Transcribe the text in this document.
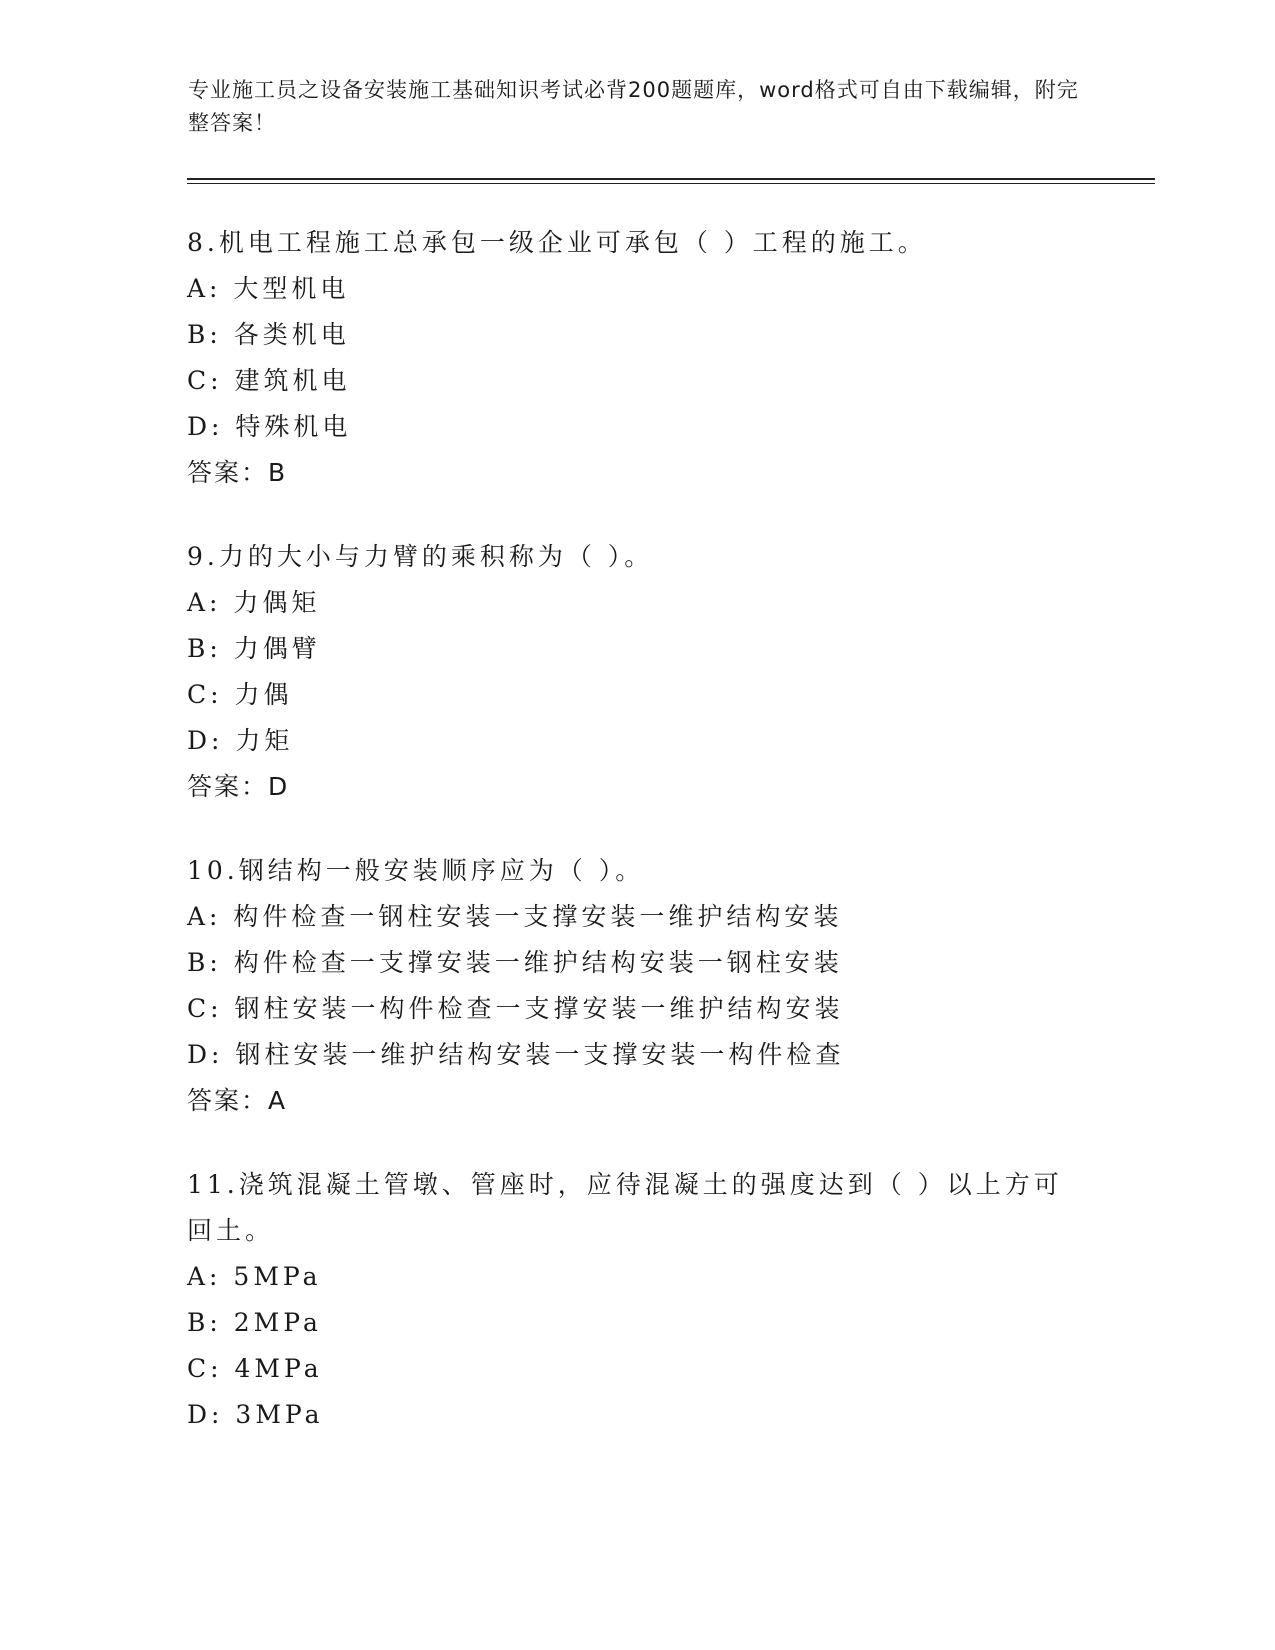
专业施工员之设备安装施工基础知识考试必背200题题库，word格式可自由下载编辑，附完整答案！
8.机电工程施工总承包一级企业可承包（ ）工程的施工。
A: 大型机电
B: 各类机电
C: 建筑机电
D: 特殊机电
答案：B
9.力的大小与力臂的乘积称为（ ）。
A: 力偶矩
B: 力偶臂
C: 力偶
D: 力矩
答案：D
10.钢结构一般安装顺序应为（ ）。
A: 构件检查一钢柱安装一支撑安装一维护结构安装
B: 构件检查一支撑安装一维护结构安装一钢柱安装
C: 钢柱安装一构件检查一支撑安装一维护结构安装
D: 钢柱安装一维护结构安装一支撑安装一构件检查
答案：A
11.浇筑混凝土管墩、管座时，应待混凝土的强度达到（ ）以上方可回土。
A: 5MPa
B: 2MPa
C: 4MPa
D: 3MPa
